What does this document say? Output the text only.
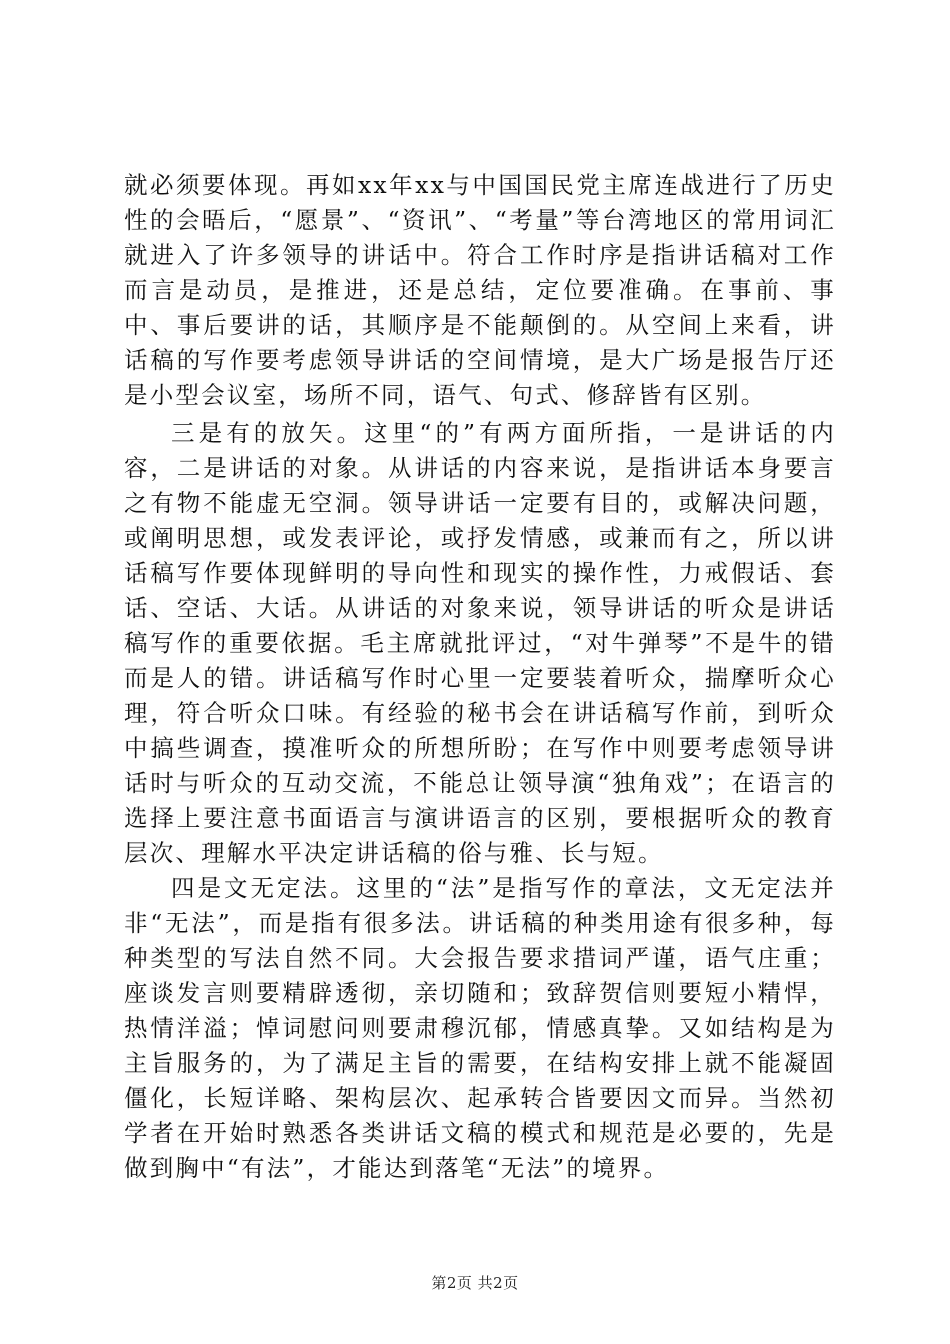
就必须要体现。再如xx年xx与中国国民党主席连战进行了历史性的会晤后，“愿景”、“资讯”、“考量”等台湾地区的常用词汇就进入了许多领导的讲话中。符合工作时序是指讲话稿对工作而言是动员，是推进，还是总结，定位要准确。在事前、事中、事后要讲的话，其顺序是不能颠倒的。从空间上来看，讲话稿的写作要考虑领导讲话的空间情境，是大广场是报告厅还是小型会议室，场所不同，语气、句式、修辞皆有区别。

三是有的放矢。这里“的”有两方面所指，一是讲话的内容，二是讲话的对象。从讲话的内容来说，是指讲话本身要言之有物不能虚无空洞。领导讲话一定要有目的，或解决问题，或阐明思想，或发表评论，或抒发情感，或兼而有之，所以讲话稿写作要体现鲜明的导向性和现实的操作性，力戒假话、套话、空话、大话。从讲话的对象来说，领导讲话的听众是讲话稿写作的重要依据。毛主席就批评过，“对牛弹琴”不是牛的错而是人的错。讲话稿写作时心里一定要装着听众，揣摩听众心理，符合听众口味。有经验的秘书会在讲话稿写作前，到听众中搞些调查，摸准听众的所想所盼；在写作中则要考虑领导讲话时与听众的互动交流，不能总让领导演“独角戏”；在语言的选择上要注意书面语言与演讲语言的区别，要根据听众的教育层次、理解水平决定讲话稿的俗与雅、长与短。

四是文无定法。这里的“法”是指写作的章法，文无定法并非“无法”，而是指有很多法。讲话稿的种类用途有很多种，每种类型的写法自然不同。大会报告要求措词严谨，语气庄重；座谈发言则要精辟透彻，亲切随和；致辞贺信则要短小精悍，热情洋溢；悼词慰问则要肃穆沉郁，情感真挚。又如结构是为主旨服务的，为了满足主旨的需要，在结构安排上就不能凝固僵化，长短详略、架构层次、起承转合皆要因文而异。当然初学者在开始时熟悉各类讲话文稿的模式和规范是必要的，先是做到胸中“有法”，才能达到落笔“无法”的境界。

第2页 共2页
